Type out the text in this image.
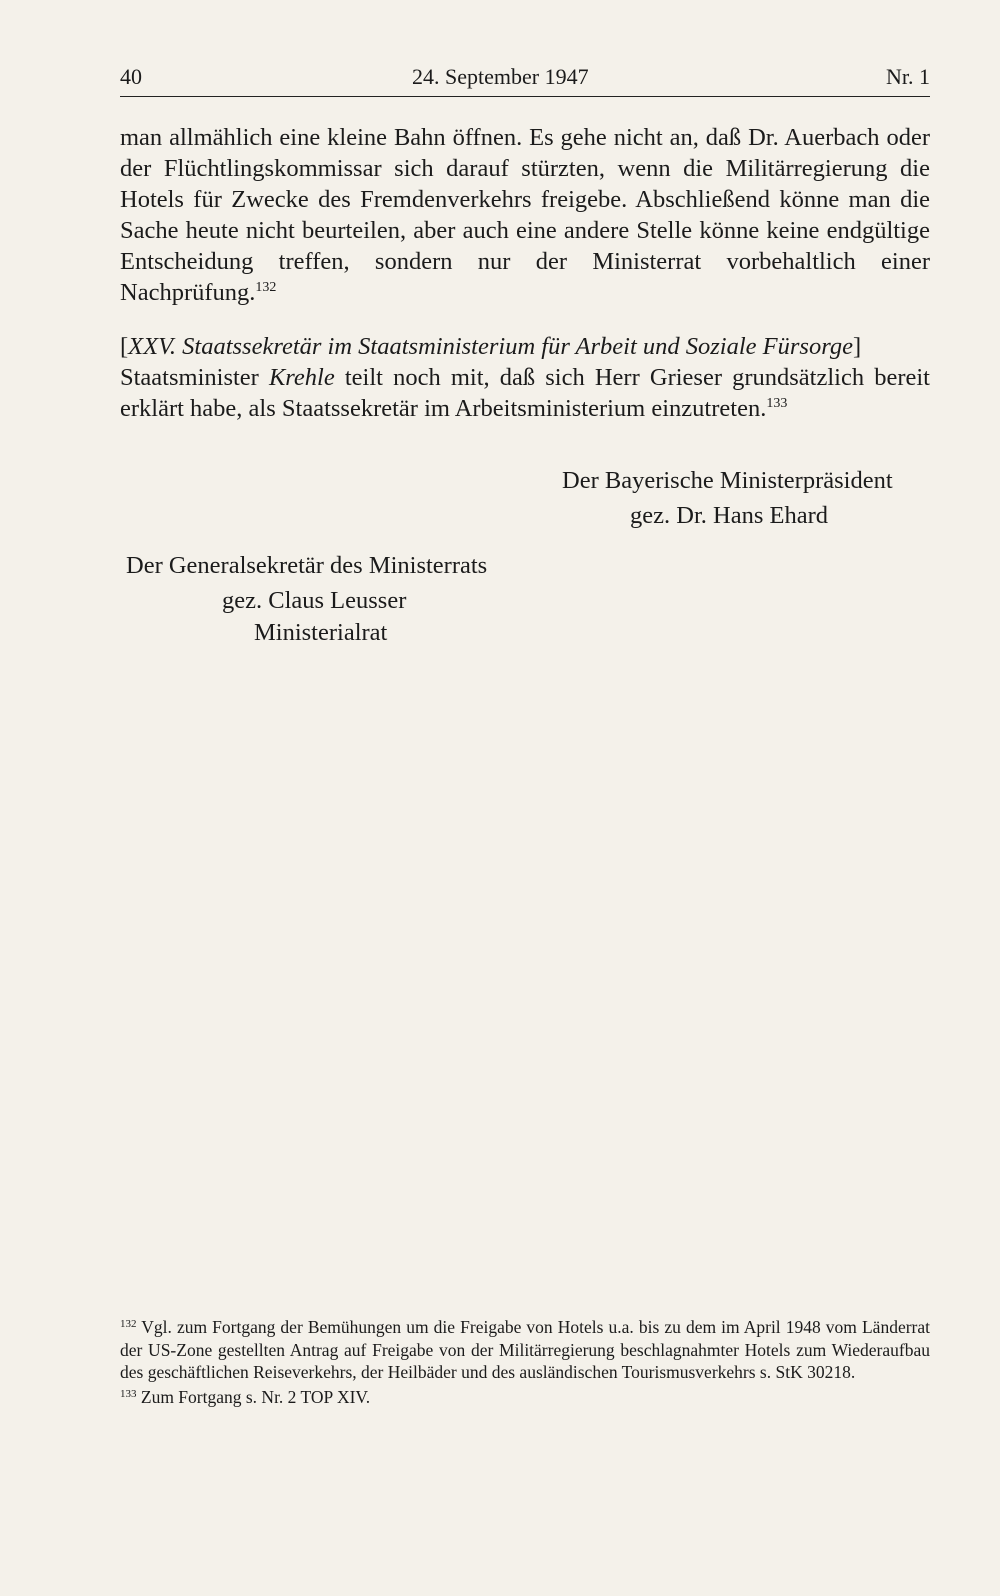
40	24. September 1947	Nr. 1
man allmählich eine kleine Bahn öffnen. Es gehe nicht an, daß Dr. Auerbach oder der Flüchtlingskommissar sich darauf stürzten, wenn die Militärregierung die Hotels für Zwecke des Fremdenverkehrs freigebe. Abschließend könne man die Sache heute nicht beurteilen, aber auch eine andere Stelle könne keine endgültige Entscheidung treffen, sondern nur der Ministerrat vorbehaltlich einer Nachprüfung.$^{132}$
[XXV. Staatssekretär im Staatsministerium für Arbeit und Soziale Fürsorge]
Staatsminister Krehle teilt noch mit, daß sich Herr Grieser grundsätzlich bereit erklärt habe, als Staatssekretär im Arbeitsministerium einzutreten.$^{133}$
Der Bayerische Ministerpräsident
gez. Dr. Hans Ehard
Der Generalsekretär des Ministerrats
gez. Claus Leusser
Ministerialrat

$^{132}$ Vgl. zum Fortgang der Bemühungen um die Freigabe von Hotels u.a. bis zu dem im April 1948 vom Länderrat der US-Zone gestellten Antrag auf Freigabe von der Militärregierung beschlagnahmter Hotels zum Wiederaufbau des geschäftlichen Reiseverkehrs, der Heilbäder und des ausländischen Tourismusverkehrs s. StK 30218.

$^{133}$ Zum Fortgang s. Nr. 2 TOP XIV.
